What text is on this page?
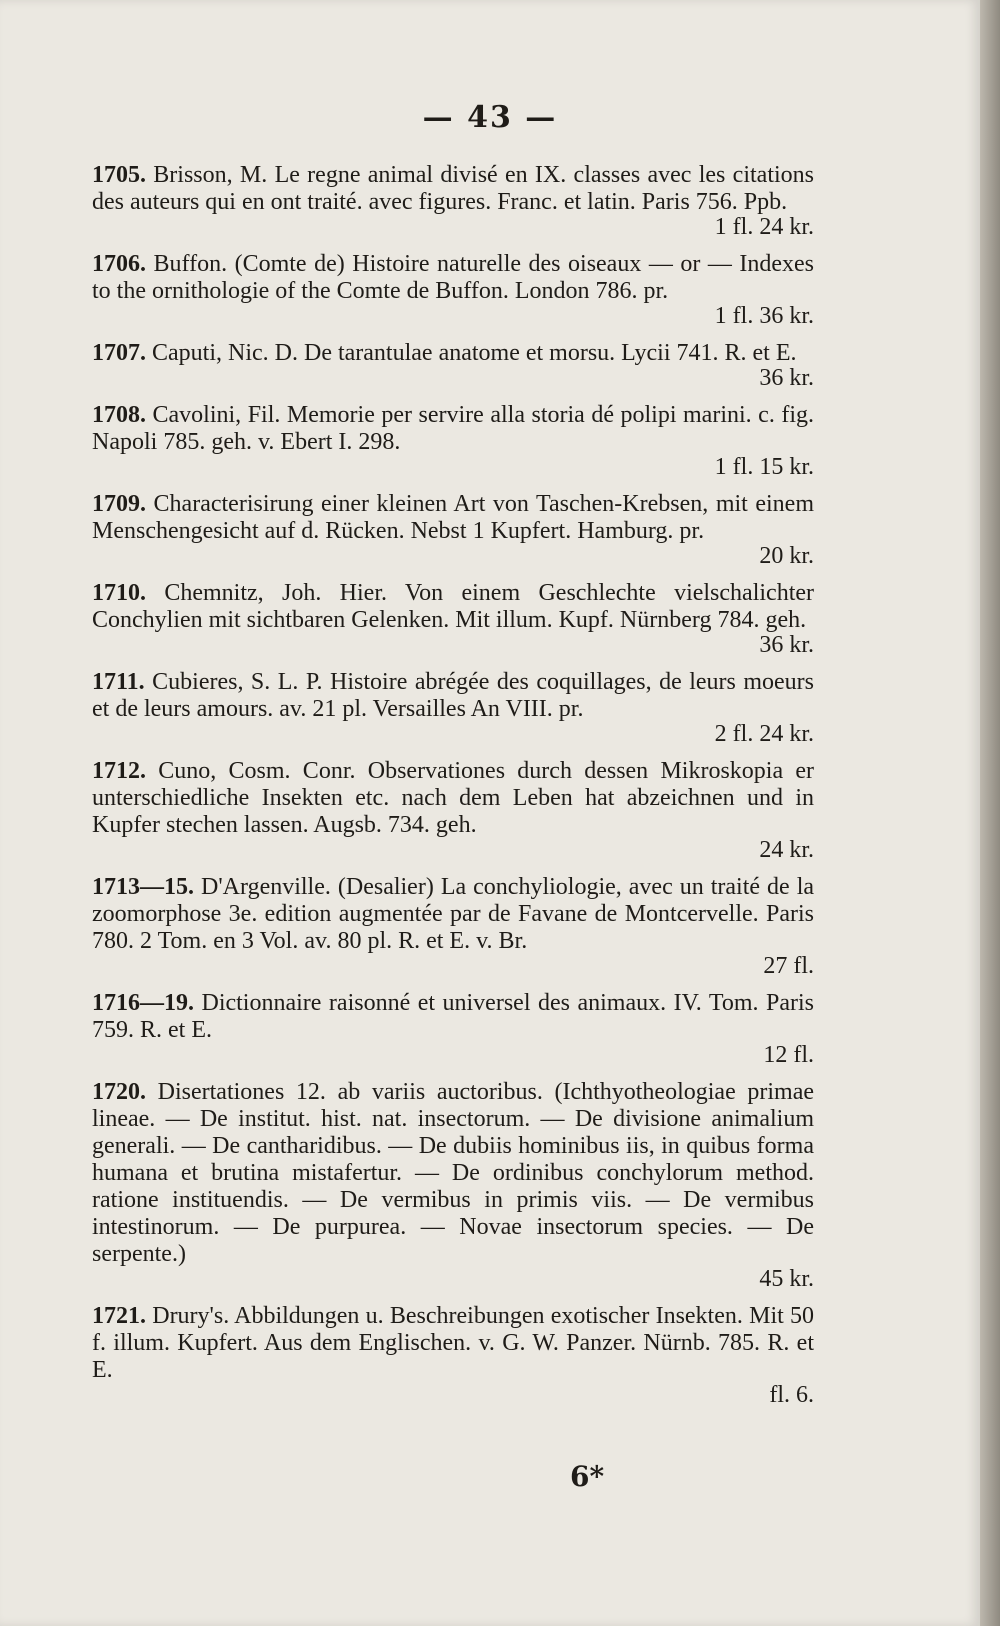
— 43 —
1705. Brisson, M. Le regne animal divisé en IX. classes avec les citations des auteurs qui en ont traité. avec figures. Franc. et latin. Paris 756. Ppb.
1 fl. 24 kr.
1706. Buffon. (Comte de) Histoire naturelle des oiseaux — or — Indexes to the ornithologie of the Comte de Buffon. London 786. pr.
1 fl. 36 kr.
1707. Caputi, Nic. D. De tarantulae anatome et morsu. Lycii 741. R. et E.
36 kr.
1708. Cavolini, Fil. Memorie per servire alla storia dé polipi marini. c. fig. Napoli 785. geh. v. Ebert I. 298.
1 fl. 15 kr.
1709. Characterisirung einer kleinen Art von Taschen-Krebsen, mit einem Menschengesicht auf d. Rücken. Nebst 1 Kupfert. Hamburg. pr.
20 kr.
1710. Chemnitz, Joh. Hier. Von einem Geschlechte vielschalichter Conchylien mit sichtbaren Gelenken. Mit illum. Kupf. Nürnberg 784. geh.
36 kr.
1711. Cubieres, S. L. P. Histoire abrégée des coquillages, de leurs moeurs et de leurs amours. av. 21 pl. Versailles An VIII. pr.
2 fl. 24 kr.
1712. Cuno, Cosm. Conr. Observationes durch dessen Mikroskopia er unterschiedliche Insekten etc. nach dem Leben hat abzeichnen und in Kupfer stechen lassen. Augsb. 734. geh.
24 kr.
1713—15. D'Argenville. (Desalier) La conchyliologie, avec un traité de la zoomorphose 3e. edition augmentée par de Favane de Montcervelle. Paris 780. 2 Tom. en 3 Vol. av. 80 pl. R. et E. v. Br.
27 fl.
1716—19. Dictionnaire raisonné et universel des animaux. IV. Tom. Paris 759. R. et E.
12 fl.
1720. Disertationes 12. ab variis auctoribus. (Ichthyotheologiae primae lineae. — De institut. hist. nat. insectorum. — De divisione animalium generali. — De cantharidibus. — De dubiis hominibus iis, in quibus forma humana et brutina mistafertur. — De ordinibus conchylorum method. ratione instituendis. — De vermibus in primis viis. — De vermibus intestinorum. — De purpurea. — Novae insectorum species. — De serpente.)
45 kr.
1721. Drury's. Abbildungen u. Beschreibungen exotischer Insekten. Mit 50 f. illum. Kupfert. Aus dem Englischen. v. G. W. Panzer. Nürnb. 785. R. et E.
fl. 6.
6*
